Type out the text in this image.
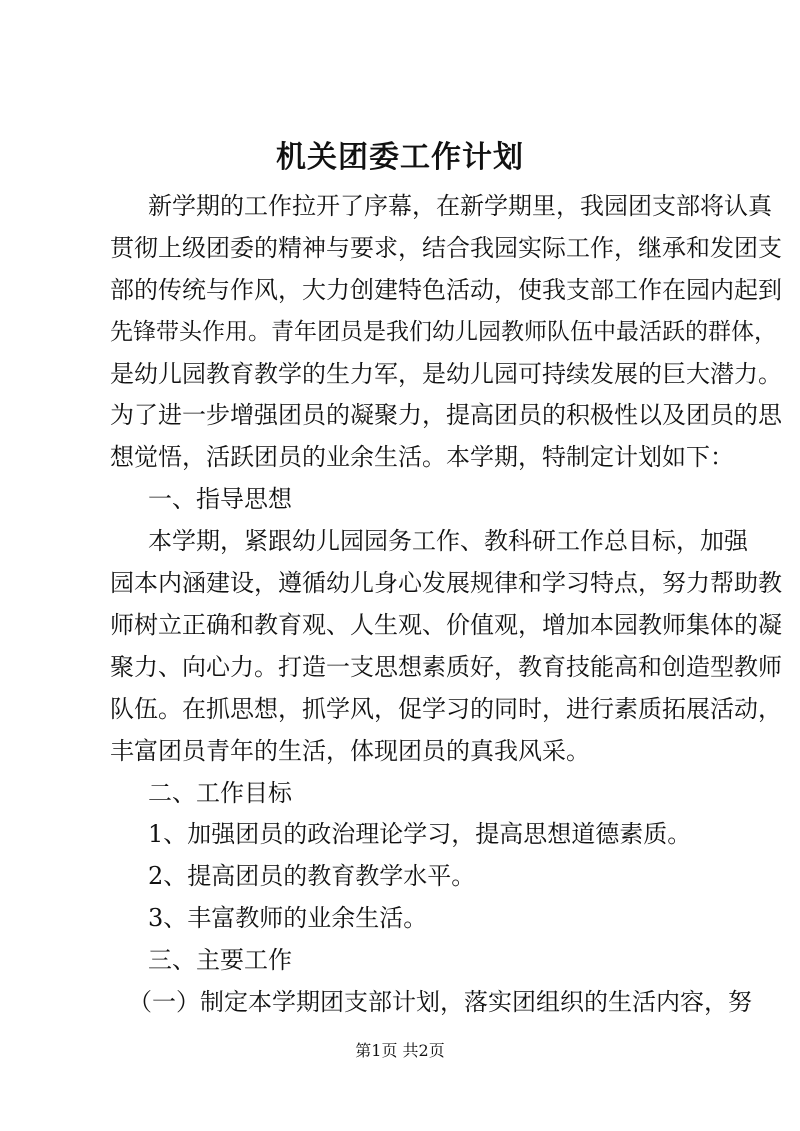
机关团委工作计划
新学期的工作拉开了序幕，在新学期里，我园团支部将认真
贯彻上级团委的精神与要求，结合我园实际工作，继承和发团支
部的传统与作风，大力创建特色活动，使我支部工作在园内起到
先锋带头作用。青年团员是我们幼儿园教师队伍中最活跃的群体，
是幼儿园教育教学的生力军，是幼儿园可持续发展的巨大潜力。
为了进一步增强团员的凝聚力，提高团员的积极性以及团员的思
想觉悟，活跃团员的业余生活。本学期，特制定计划如下：
一、指导思想
本学期，紧跟幼儿园园务工作、教科研工作总目标，加强
园本内涵建设，遵循幼儿身心发展规律和学习特点，努力帮助教
师树立正确和教育观、人生观、价值观，增加本园教师集体的凝
聚力、向心力。打造一支思想素质好，教育技能高和创造型教师
队伍。在抓思想，抓学风，促学习的同时，进行素质拓展活动，
丰富团员青年的生活，体现团员的真我风采。
二、工作目标
1、加强团员的政治理论学习，提高思想道德素质。
2、提高团员的教育教学水平。
3、丰富教师的业余生活。
三、主要工作
（一）制定本学期团支部计划，落实团组织的生活内容，努
第1页 共2页
